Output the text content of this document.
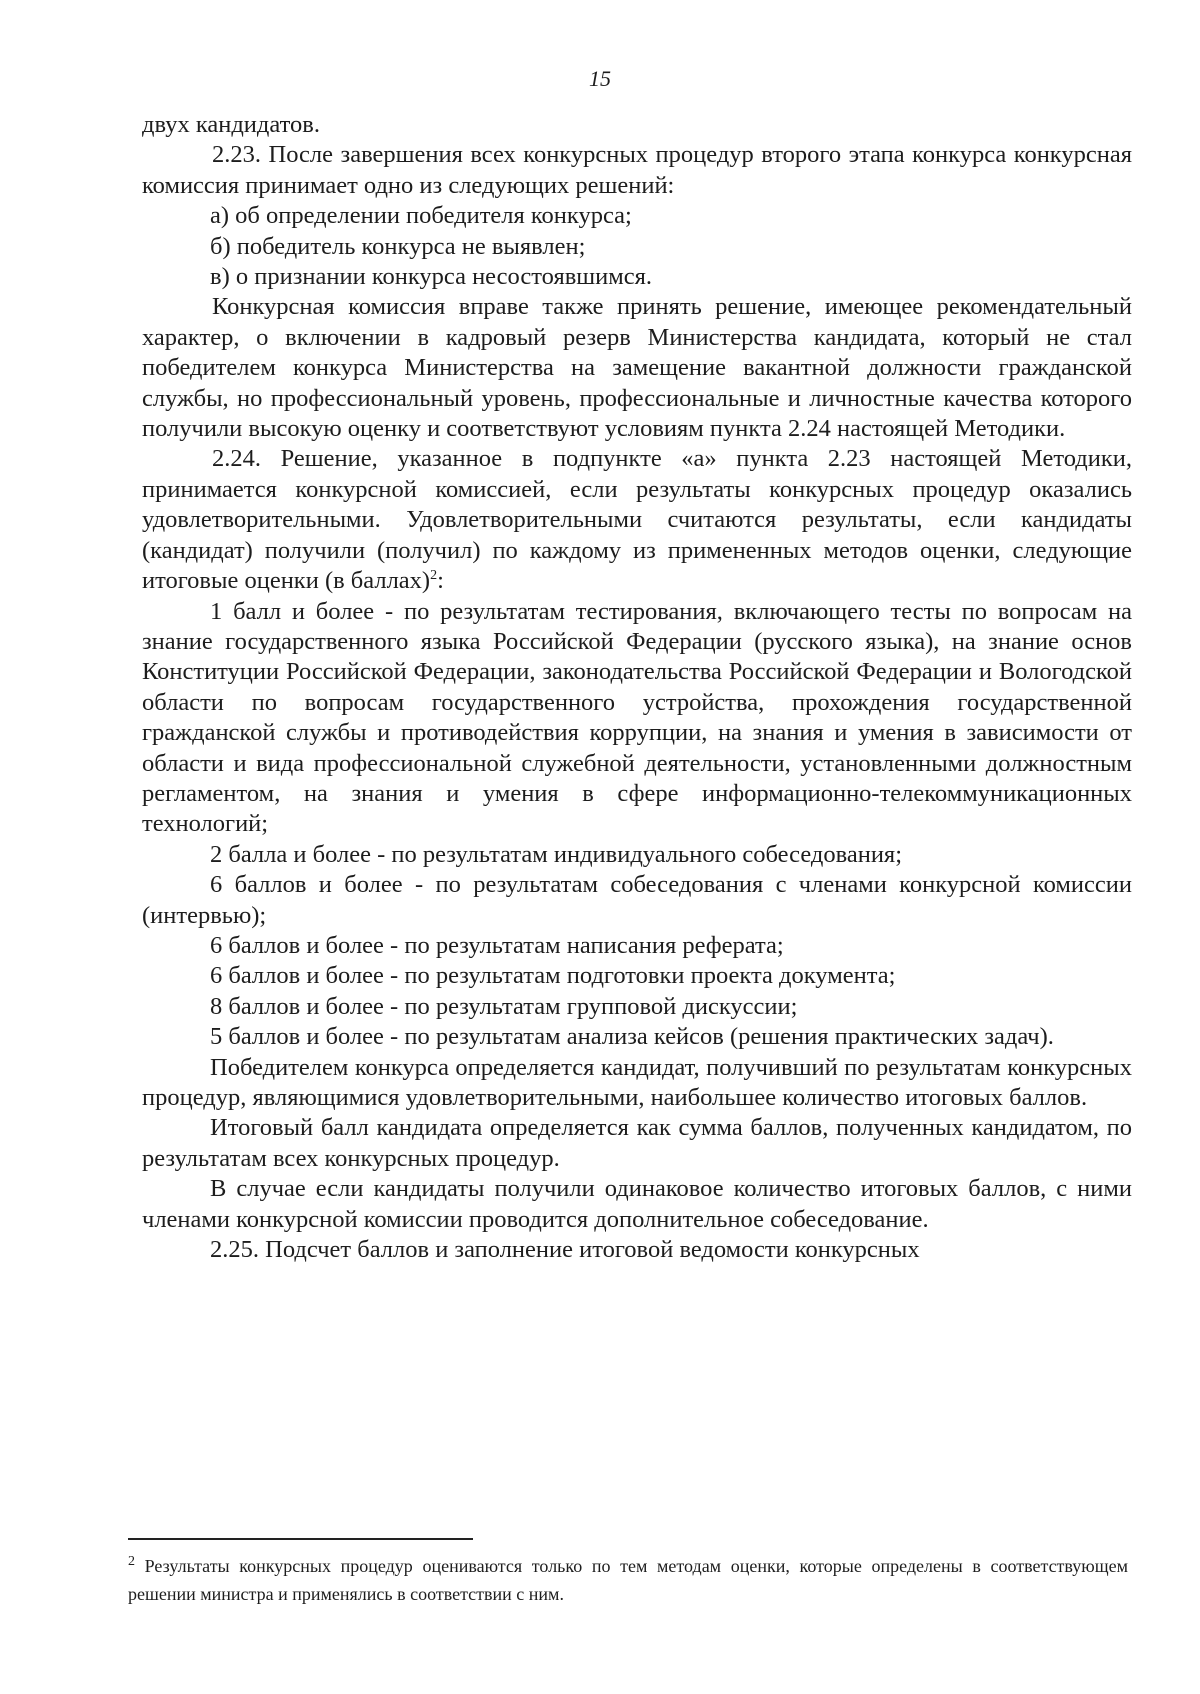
15

двух кандидатов.

2.23. После завершения всех конкурсных процедур второго этапа конкурса конкурсная комиссия принимает одно из следующих решений:

а) об определении победителя конкурса;

б) победитель конкурса не выявлен;

в) о признании конкурса несостоявшимся.

Конкурсная комиссия вправе также принять решение, имеющее рекомендательный характер, о включении в кадровый резерв Министерства кандидата, который не стал победителем конкурса Министерства на замещение вакантной должности гражданской службы, но профессиональный уровень, профессиональные и личностные качества которого получили высокую оценку и соответствуют условиям пункта 2.24 настоящей Методики.

2.24. Решение, указанное в подпункте «а» пункта 2.23 настоящей Методики, принимается конкурсной комиссией, если результаты конкурсных процедур оказались удовлетворительными. Удовлетворительными считаются результаты, если кандидаты (кандидат) получили (получил) по каждому из примененных методов оценки, следующие итоговые оценки (в баллах)$^2$:

1 балл и более - по результатам тестирования, включающего тесты по вопросам на знание государственного языка Российской Федерации (русского языка), на знание основ Конституции Российской Федерации, законодательства Российской Федерации и Вологодской области по вопросам государственного устройства, прохождения государственной гражданской службы и противодействия коррупции, на знания и умения в зависимости от области и вида профессиональной служебной деятельности, установленными должностным регламентом, на знания и умения в сфере информационно-телекоммуникационных технологий;

2 балла и более - по результатам индивидуального собеседования;

6 баллов и более - по результатам собеседования с членами конкурсной комиссии (интервью);

6 баллов и более - по результатам написания реферата;

6 баллов и более - по результатам подготовки проекта документа;

8 баллов и более - по результатам групповой дискуссии;

5 баллов и более - по результатам анализа кейсов (решения практических задач).

Победителем конкурса определяется кандидат, получивший по результатам конкурсных процедур, являющимися удовлетворительными, наибольшее количество итоговых баллов.

Итоговый балл кандидата определяется как сумма баллов, полученных кандидатом, по результатам всех конкурсных процедур.

В случае если кандидаты получили одинаковое количество итоговых баллов, с ними членами конкурсной комиссии проводится дополнительное собеседование.

2.25. Подсчет баллов и заполнение итоговой ведомости конкурсных

$^2$ Результаты конкурсных процедур оцениваются только по тем методам оценки, которые определены в соответствующем решении министра и применялись в соответствии с ним.
